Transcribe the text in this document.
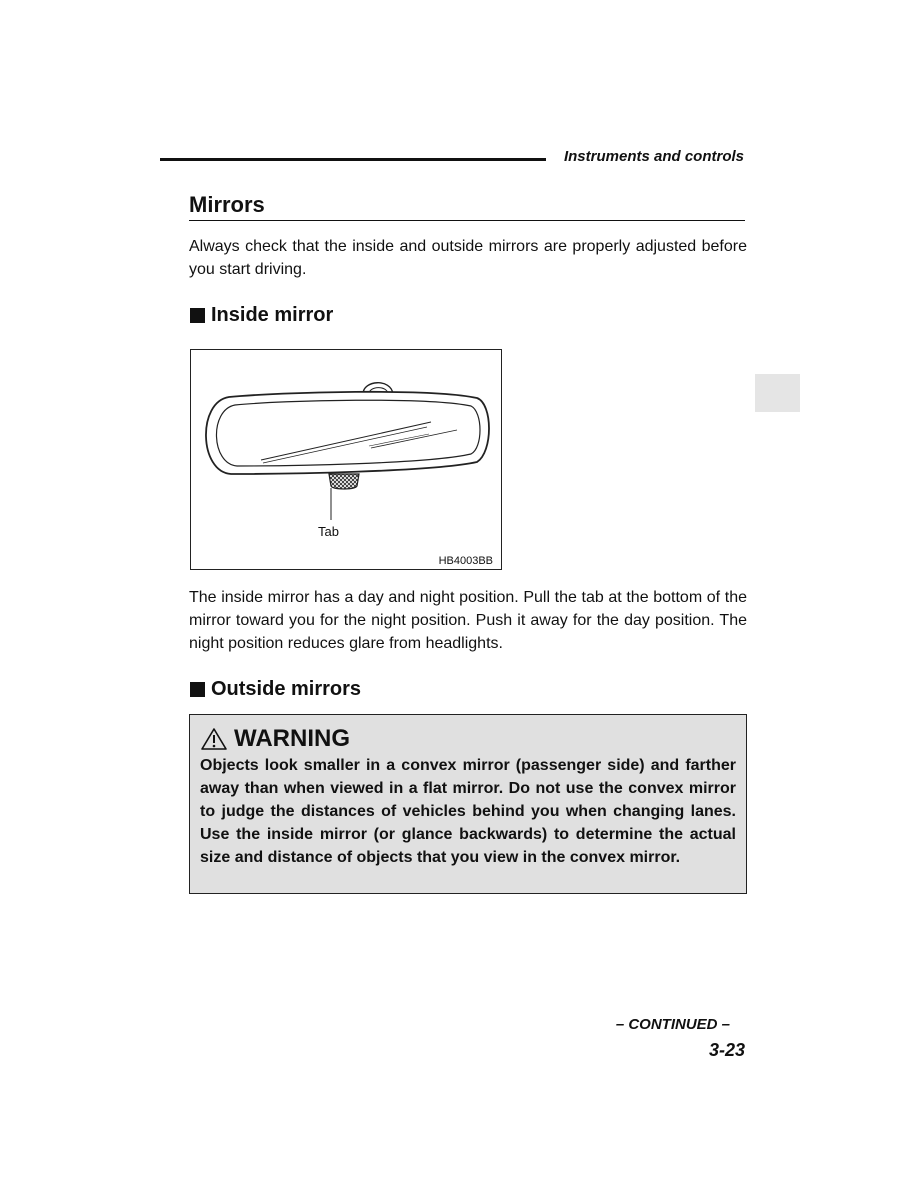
Instruments and controls
Mirrors

Always check that the inside and outside mirrors are properly adjusted before you start driving.

Inside mirror
Tab
HB4003BB

The inside mirror has a day and night position. Pull the tab at the bottom of the mirror toward you for the night position. Push it away for the day position. The night position reduces glare from headlights.

Outside mirrors
WARNING

Objects look smaller in a convex mirror (passenger side) and farther away than when viewed in a flat mirror. Do not use the convex mirror to judge the distances of vehicles behind you when changing lanes. Use the inside mirror (or glance backwards) to determine the actual size and distance of objects that you view in the convex mirror.

– CONTINUED –
3-23
